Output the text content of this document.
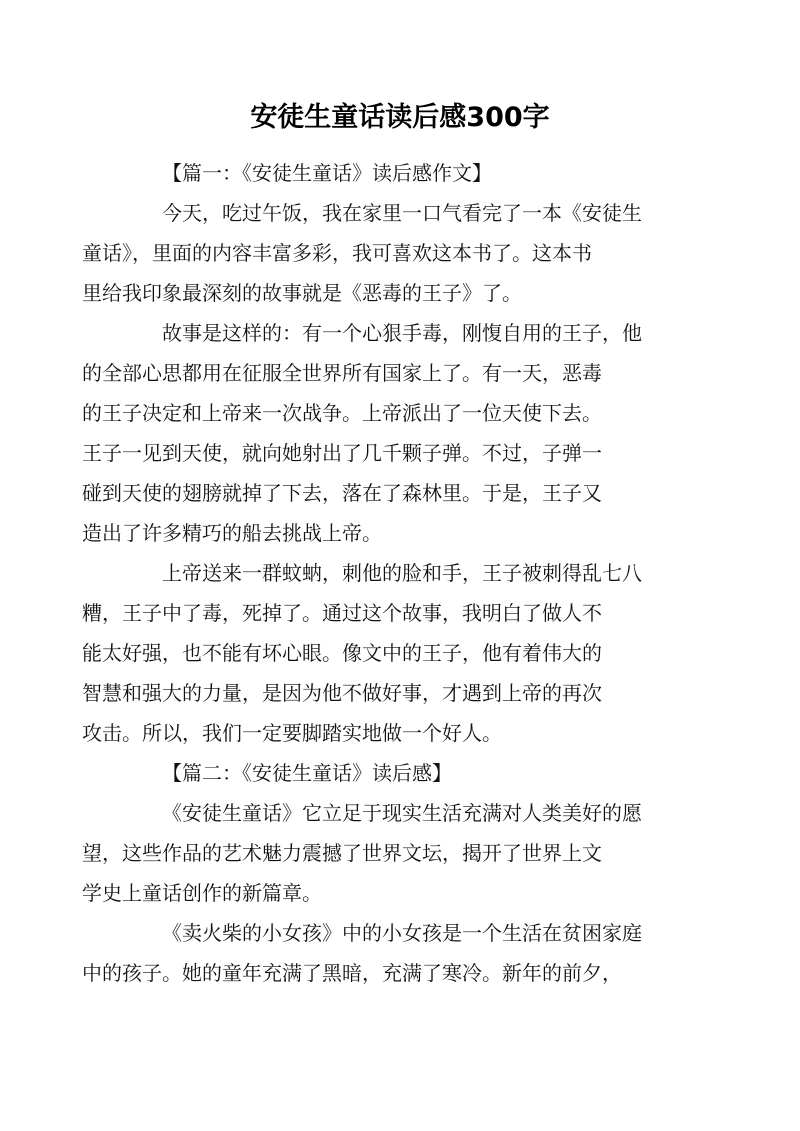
安徒生童话读后感300字
【篇一：《安徒生童话》读后感作文】
今天，吃过午饭，我在家里一口气看完了一本《安徒生
童话》，里面的内容丰富多彩，我可喜欢这本书了。这本书
里给我印象最深刻的故事就是《恶毒的王子》了。
故事是这样的：有一个心狠手毒，刚愎自用的王子，他
的全部心思都用在征服全世界所有国家上了。有一天，恶毒
的王子决定和上帝来一次战争。上帝派出了一位天使下去。
王子一见到天使，就向她射出了几千颗子弹。不过，子弹一
碰到天使的翅膀就掉了下去，落在了森林里。于是，王子又
造出了许多精巧的船去挑战上帝。
上帝送来一群蚊蚋，刺他的脸和手，王子被刺得乱七八
糟，王子中了毒，死掉了。通过这个故事，我明白了做人不
能太好强，也不能有坏心眼。像文中的王子，他有着伟大的
智慧和强大的力量，是因为他不做好事，才遇到上帝的再次
攻击。所以，我们一定要脚踏实地做一个好人。
【篇二：《安徒生童话》读后感】
《安徒生童话》它立足于现实生活充满对人类美好的愿
望，这些作品的艺术魅力震撼了世界文坛，揭开了世界上文
学史上童话创作的新篇章。
《卖火柴的小女孩》中的小女孩是一个生活在贫困家庭
中的孩子。她的童年充满了黑暗，充满了寒冷。新年的前夕，
